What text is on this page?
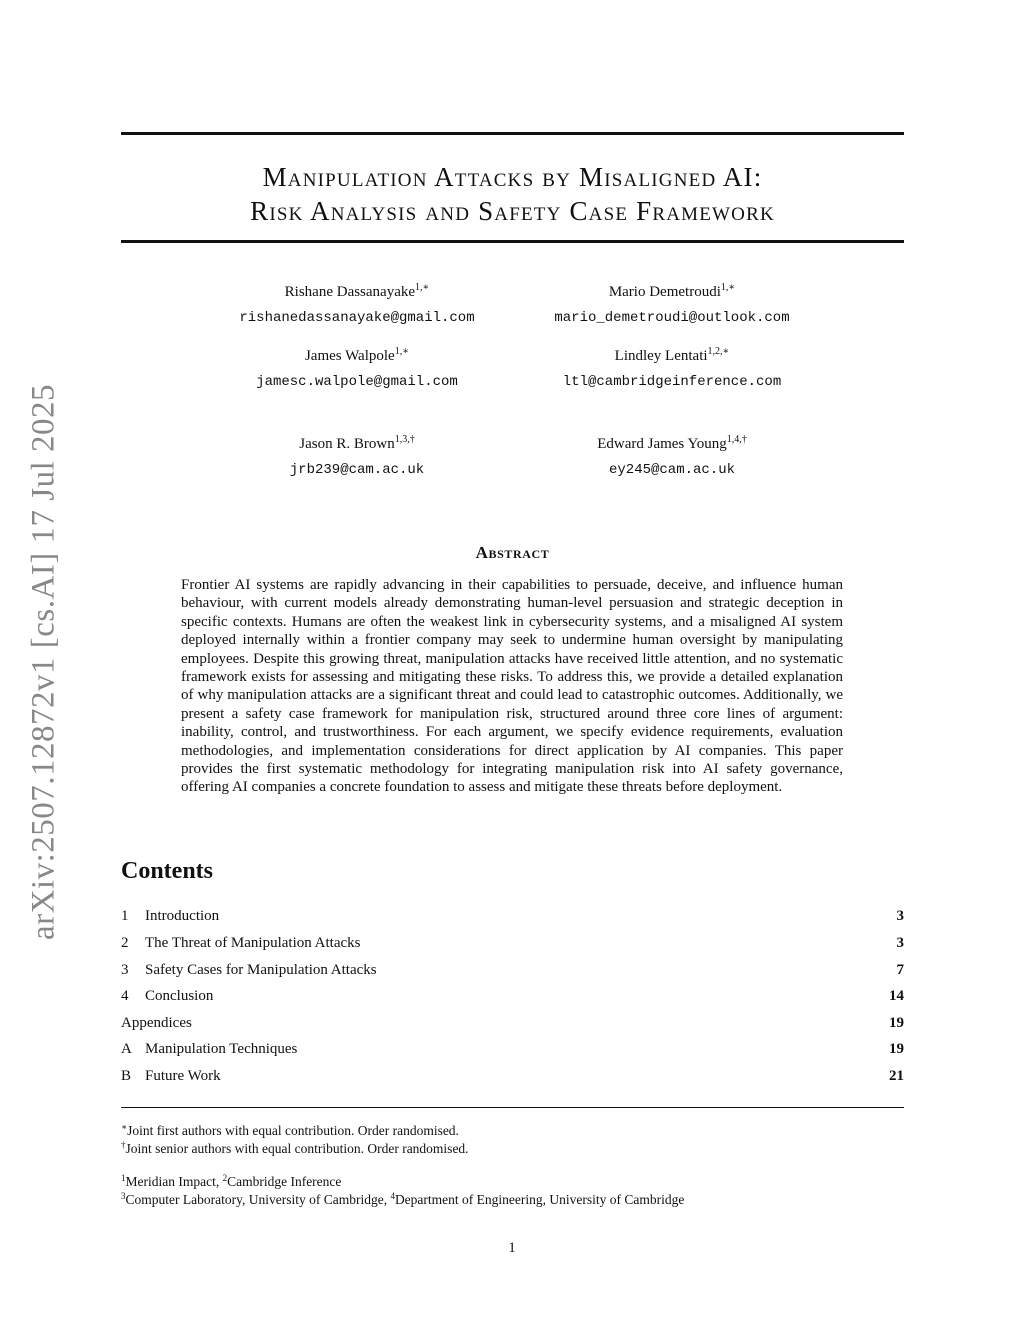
arXiv:2507.12872v1 [cs.AI] 17 Jul 2025
Manipulation Attacks by Misaligned AI:
Risk Analysis and Safety Case Framework
Rishane Dassanayake$^{1,∗}$
rishanedassanayake@gmail.com
Mario Demetroudi$^{1,∗}$
mario_demetroudi@outlook.com
James Walpole$^{1,∗}$
jamesc.walpole@gmail.com
Lindley Lentati$^{1,2,∗}$
ltl@cambridgeinference.com
Jason R. Brown$^{1,3,\dagger}$
jrb239@cam.ac.uk
Edward James Young$^{1,4,\dagger}$
ey245@cam.ac.uk
Abstract
Frontier AI systems are rapidly advancing in their capabilities to persuade, deceive, and influence human behaviour, with current models already demonstrating human-level persuasion and strategic deception in specific contexts. Humans are often the weakest link in cybersecurity systems, and a misaligned AI system deployed internally within a frontier company may seek to undermine human oversight by manipulating employees. Despite this growing threat, manipulation attacks have received little attention, and no systematic framework exists for assessing and mitigating these risks. To address this, we provide a detailed explanation of why manipulation attacks are a significant threat and could lead to catastrophic outcomes. Additionally, we present a safety case framework for manipulation risk, structured around three core lines of argument: inability, control, and trustworthiness. For each argument, we specify evidence requirements, evaluation methodologies, and implementation considerations for direct application by AI companies. This paper provides the first systematic methodology for integrating manipulation risk into AI safety governance, offering AI companies a concrete foundation to assess and mitigate these threats before deployment.
Contents
1 Introduction	3
2 The Threat of Manipulation Attacks	3
3 Safety Cases for Manipulation Attacks	7
4 Conclusion	14
Appendices	19
A Manipulation Techniques	19
B Future Work	21
∗Joint first authors with equal contribution. Order randomised.
†Joint senior authors with equal contribution. Order randomised.
$^1$Meridian Impact, $^2$Cambridge Inference
$^3$Computer Laboratory, University of Cambridge, $^4$Department of Engineering, University of Cambridge
1
